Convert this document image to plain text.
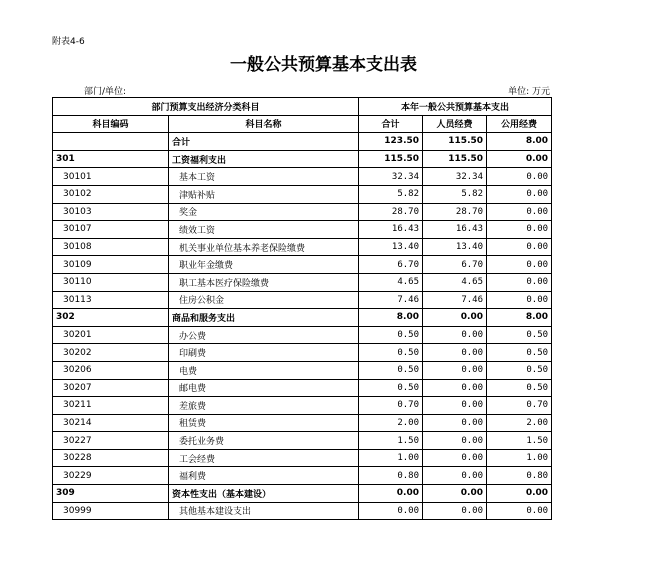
附表4-6
一般公共预算基本支出表
部门/单位:	单位: 万元
部门预算支出经济分类科目		本年一般公共预算基本支出		
科目编码	科目名称	合计	人员经费	公用经费
	合计	123.50	115.50	8.00
301	工资福利支出	115.50	115.50	0.00
30101	基本工资	32.34	32.34	0.00
30102	津贴补贴	5.82	5.82	0.00
30103	奖金	28.70	28.70	0.00
30107	绩效工资	16.43	16.43	0.00
30108	机关事业单位基本养老保险缴费	13.40	13.40	0.00
30109	职业年金缴费	6.70	6.70	0.00
30110	职工基本医疗保险缴费	4.65	4.65	0.00
30113	住房公积金	7.46	7.46	0.00
302	商品和服务支出	8.00	0.00	8.00
30201	办公费	0.50	0.00	0.50
30202	印刷费	0.50	0.00	0.50
30206	电费	0.50	0.00	0.50
30207	邮电费	0.50	0.00	0.50
30211	差旅费	0.70	0.00	0.70
30214	租赁费	2.00	0.00	2.00
30227	委托业务费	1.50	0.00	1.50
30228	工会经费	1.00	0.00	1.00
30229	福利费	0.80	0.00	0.80
309	资本性支出（基本建设）	0.00	0.00	0.00
30999	其他基本建设支出	0.00	0.00	0.00
